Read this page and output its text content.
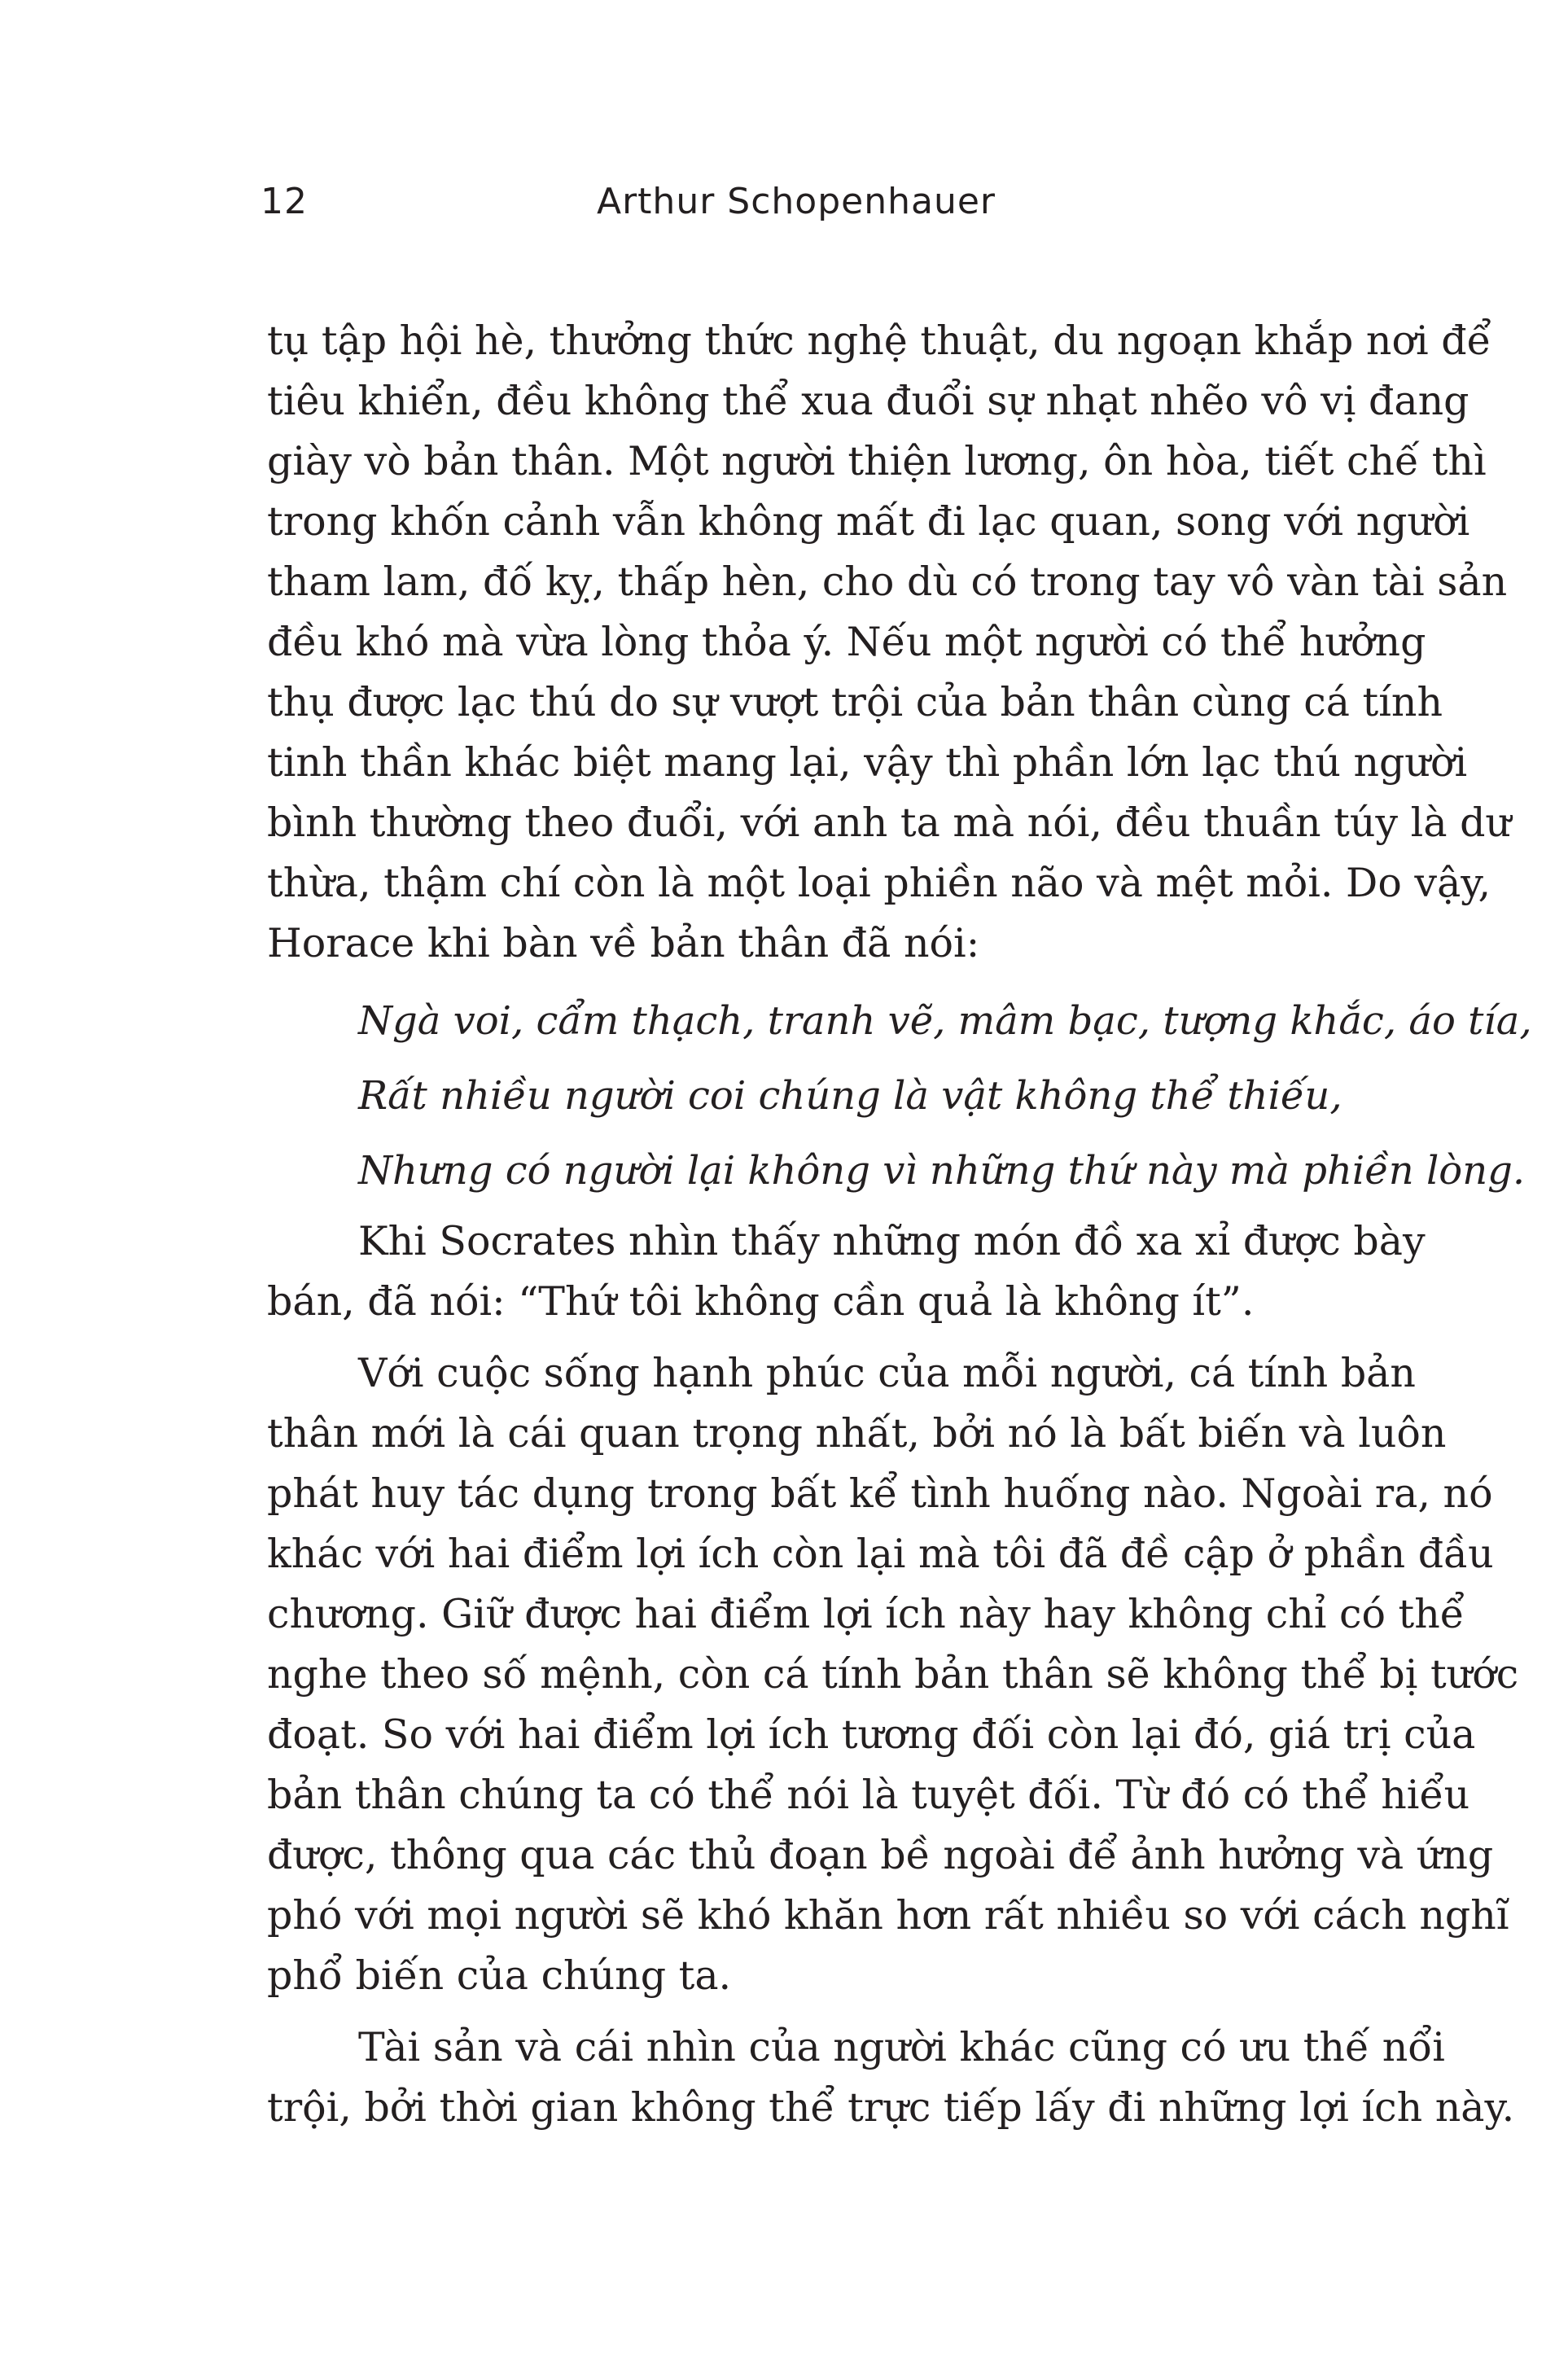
12	Arthur Schopenhauer
tụ tập hội hè, thưởng thức nghệ thuật, du ngoạn khắp nơi để
tiêu khiển, đều không thể xua đuổi sự nhạt nhẽo vô vị đang
giày vò bản thân. Một người thiện lương, ôn hòa, tiết chế thì
trong khốn cảnh vẫn không mất đi lạc quan, song với người
tham lam, đố kỵ, thấp hèn, cho dù có trong tay vô vàn tài sản
đều khó mà vừa lòng thỏa ý. Nếu một người có thể hưởng
thụ được lạc thú do sự vượt trội của bản thân cùng cá tính
tinh thần khác biệt mang lại, vậy thì phần lớn lạc thú người
bình thường theo đuổi, với anh ta mà nói, đều thuần túy là dư
thừa, thậm chí còn là một loại phiền não và mệt mỏi. Do vậy,
Horace khi bàn về bản thân đã nói:
Ngà voi, cẩm thạch, tranh vẽ, mâm bạc, tượng khắc, áo tía,
Rất nhiều người coi chúng là vật không thể thiếu,
Nhưng có người lại không vì những thứ này mà phiền lòng.
Khi Socrates nhìn thấy những món đồ xa xỉ được bày
bán, đã nói: “Thứ tôi không cần quả là không ít”.
Với cuộc sống hạnh phúc của mỗi người, cá tính bản
thân mới là cái quan trọng nhất, bởi nó là bất biến và luôn
phát huy tác dụng trong bất kể tình huống nào. Ngoài ra, nó
khác với hai điểm lợi ích còn lại mà tôi đã đề cập ở phần đầu
chương. Giữ được hai điểm lợi ích này hay không chỉ có thể
nghe theo số mệnh, còn cá tính bản thân sẽ không thể bị tước
đoạt. So với hai điểm lợi ích tương đối còn lại đó, giá trị của
bản thân chúng ta có thể nói là tuyệt đối. Từ đó có thể hiểu
được, thông qua các thủ đoạn bề ngoài để ảnh hưởng và ứng
phó với mọi người sẽ khó khăn hơn rất nhiều so với cách nghĩ
phổ biến của chúng ta.
Tài sản và cái nhìn của người khác cũng có ưu thế nổi
trội, bởi thời gian không thể trực tiếp lấy đi những lợi ích này.
